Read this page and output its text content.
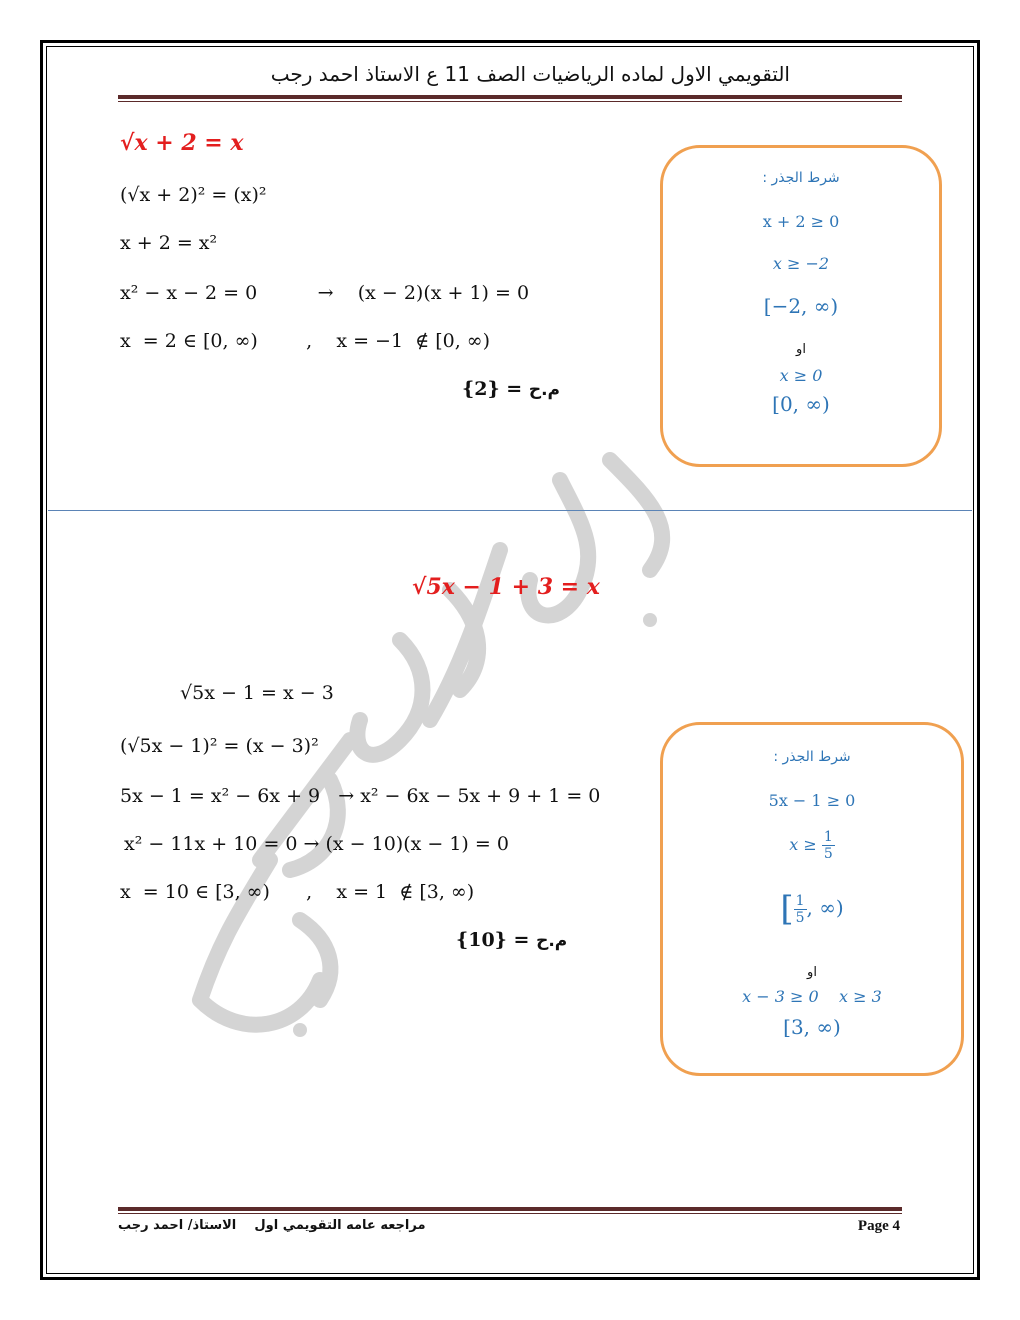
التقويمي الاول لماده الرياضيات الصف 11 ع الاستاذ احمد رجب
√x + 2 = x
(√x + 2)² = (x)²
x + 2 = x²
x² − x − 2 = 0          →    (x − 2)(x + 1) = 0
x  = 2 ∈ [0, ∞)        ,    x = −1  ∉ [0, ∞)
{2} = م.ح
شرط الجذر :
x + 2 ≥ 0
x ≥ −2
[−2, ∞)
او
x ≥ 0
[0, ∞)
√5x − 1 + 3 = x
√5x − 1 = x − 3
(√5x − 1)² = (x − 3)²
5x − 1 = x² − 6x + 9   → x² − 6x − 5x + 9 + 1 = 0
x² − 11x + 10 = 0 → (x − 10)(x − 1) = 0
x  = 10 ∈ [3, ∞)      ,    x = 1  ∉ [3, ∞)
{10} = م.ح
شرط الجذر :
5x − 1 ≥ 0
$x \ge \frac{1}{5}$
[ $\frac{1}{5}$ , ∞)
او
x − 3 ≥ 0    x ≥ 3
[3, ∞)
مراجعه عامه التقويمي اول    الاستاذ/ احمد رجب	Page 4
